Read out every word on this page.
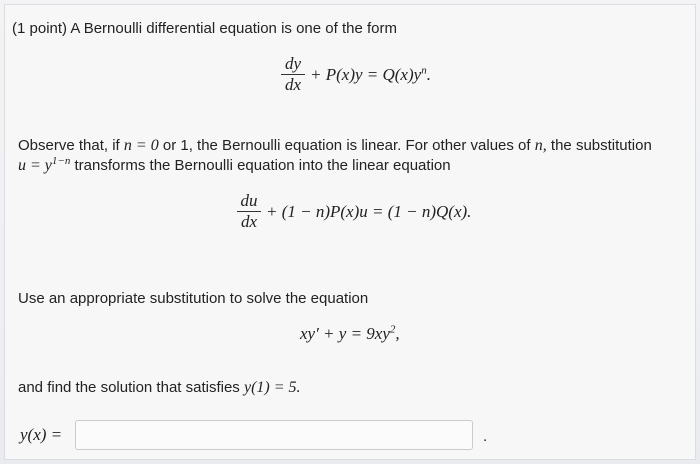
(1 point) A Bernoulli differential equation is one of the form
dy
dx
+ $P(x)y = Q(x)y^n$.
Observe that, if n = 0 or 1, the Bernoulli equation is linear. For other values of n, the substitution
$u = y^{1-n}$ transforms the Bernoulli equation into the linear equation
du
dx
+ (1 − n)P(x)u = (1 − n)Q(x).
Use an appropriate substitution to solve the equation
$xy' + y = 9xy^2$,
and find the solution that satisfies y(1) = 5.
y(x) =	.
